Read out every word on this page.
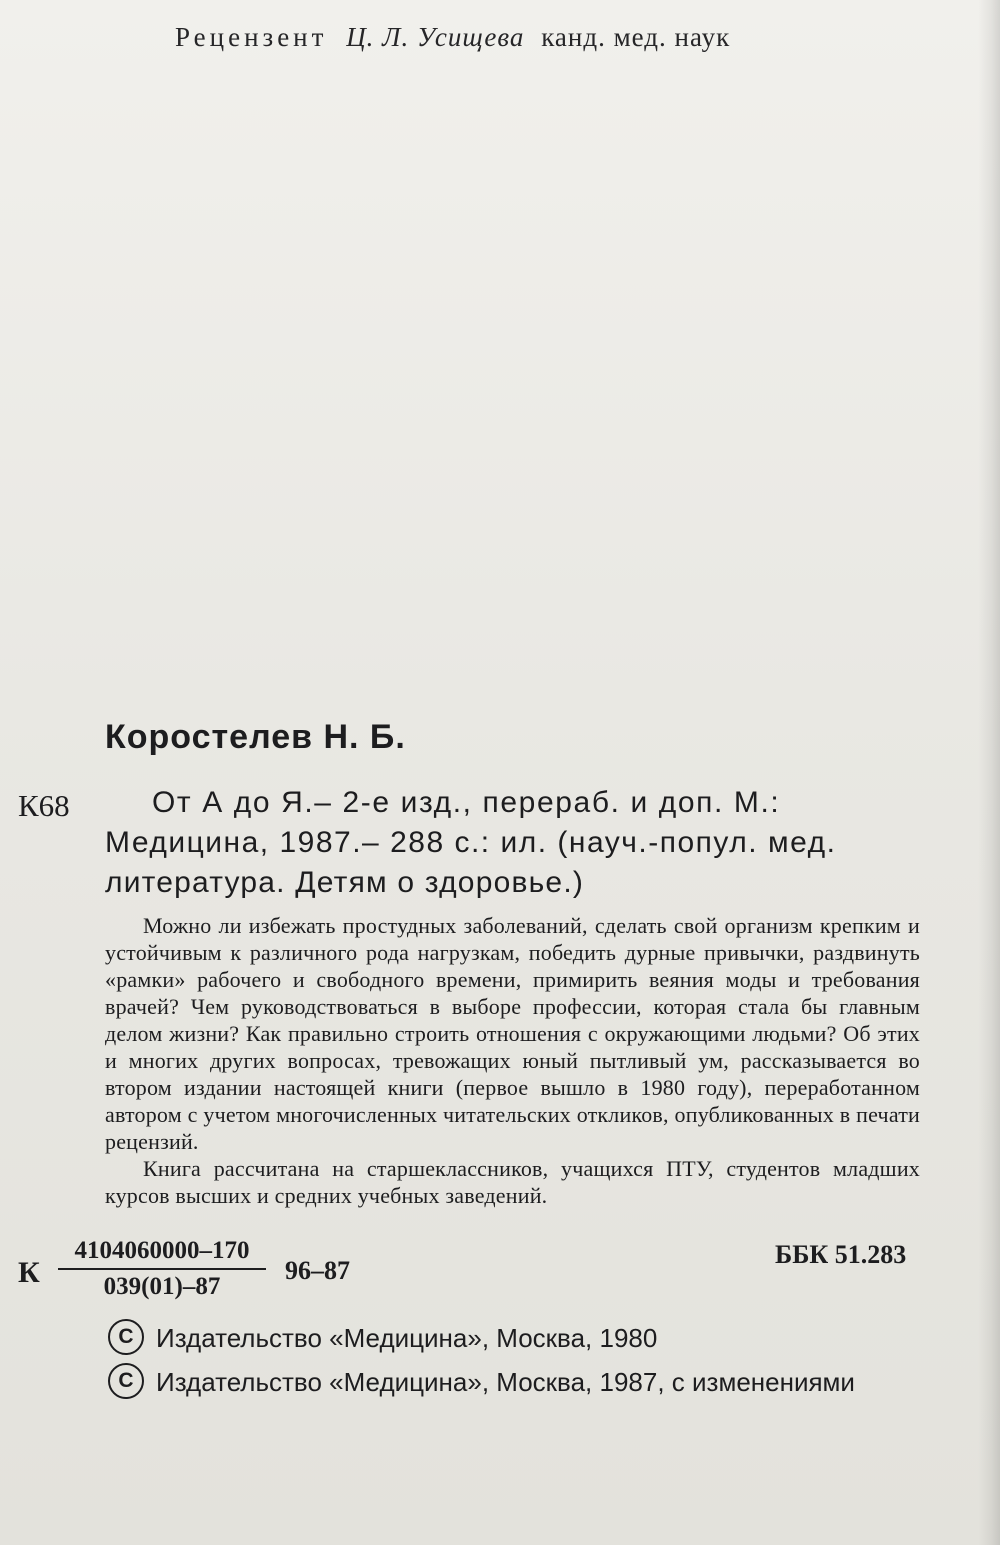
Рецензент Ц. Л. Усищева канд. мед. наук
Коростелев Н. Б.
К68	От А до Я.– 2-е изд., перераб. и доп. М.:
Медицина, 1987.– 288 с.: ил. (науч.-попул. мед.
литература. Детям о здоровье.)

Можно ли избежать простудных заболеваний, сделать свой организм крепким и устойчивым к различного рода нагрузкам, победить дурные привычки, раздвинуть «рамки» рабочего и свободного времени, примирить веяния моды и требования врачей? Чем руководствоваться в выборе профессии, которая стала бы главным делом жизни? Как правильно строить отношения с окружающими людьми? Об этих и многих других вопросах, тревожащих юный пытливый ум, рассказывается во втором издании настоящей книги (первое вышло в 1980 году), переработанном автором с учетом многочисленных читательских откликов, опубликованных в печати рецензий.

Книга рассчитана на старшеклассников, учащихся ПТУ, студентов младших курсов высших и средних учебных заведений.

К $\frac{4104060000-170}{039(01)-87} 96-87$
ББК 51.283
C Издательство «Медицина», Москва, 1980
C Издательство «Медицина», Москва, 1987, с изменениями
